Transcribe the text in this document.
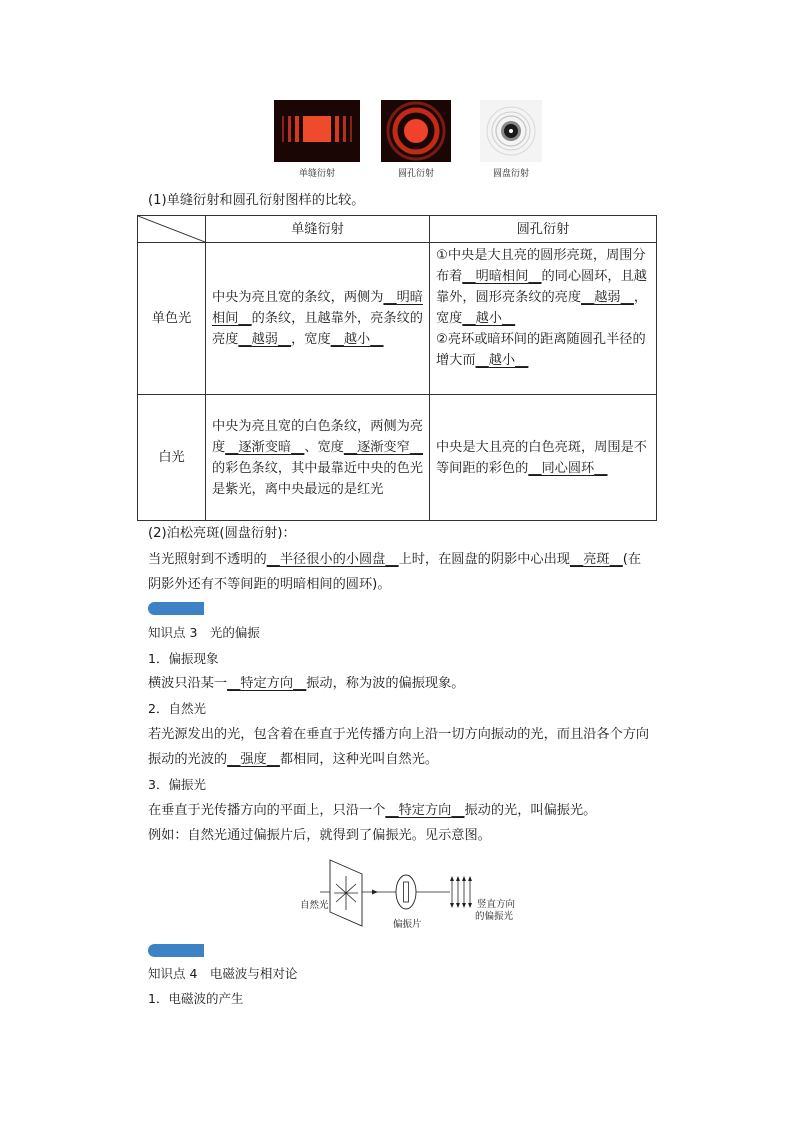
单缝衍射	圆孔衍射	圆盘衍射
(1)单缝衍射和圆孔衍射图样的比较。
	单缝衍射	圆孔衍射
单色光	中央为亮且宽的条纹，两侧为__明暗相间__的条纹，且越靠外，亮条纹的亮度__越弱__，宽度__越小__	①中央是大且亮的圆形亮斑，周围分布着__明暗相间__的同心圆环，且越靠外，圆形亮条纹的亮度__越弱__，宽度__越小__
②亮环或暗环间的距离随圆孔半径的增大而__越小__

白光	中央为亮且宽的白色条纹，两侧为亮度__逐渐变暗__、宽度__逐渐变窄__的彩色条纹，其中最靠近中央的色光是紫光，离中央最远的是红光	中央是大且亮的白色亮斑，周围是不等间距的彩色的__同心圆环__
(2)泊松亮斑(圆盘衍射)：
当光照射到不透明的__半径很小的小圆盘__上时，在圆盘的阴影中心出现__亮斑__(在
阴影外还有不等间距的明暗相间的圆环)。
知识点 3　光的偏振
1．偏振现象
横波只沿某一__特定方向__振动，称为波的偏振现象。
2．自然光
若光源发出的光，包含着在垂直于光传播方向上沿一切方向振动的光，而且沿各个方向
振动的光波的__强度__都相同，这种光叫自然光。
3．偏振光
在垂直于光传播方向的平面上，只沿一个__特定方向__振动的光，叫偏振光。
例如：自然光通过偏振片后，就得到了偏振光。见示意图。
自然光
偏振片
竖直方向
的偏振光
知识点 4　电磁波与相对论
1．电磁波的产生
